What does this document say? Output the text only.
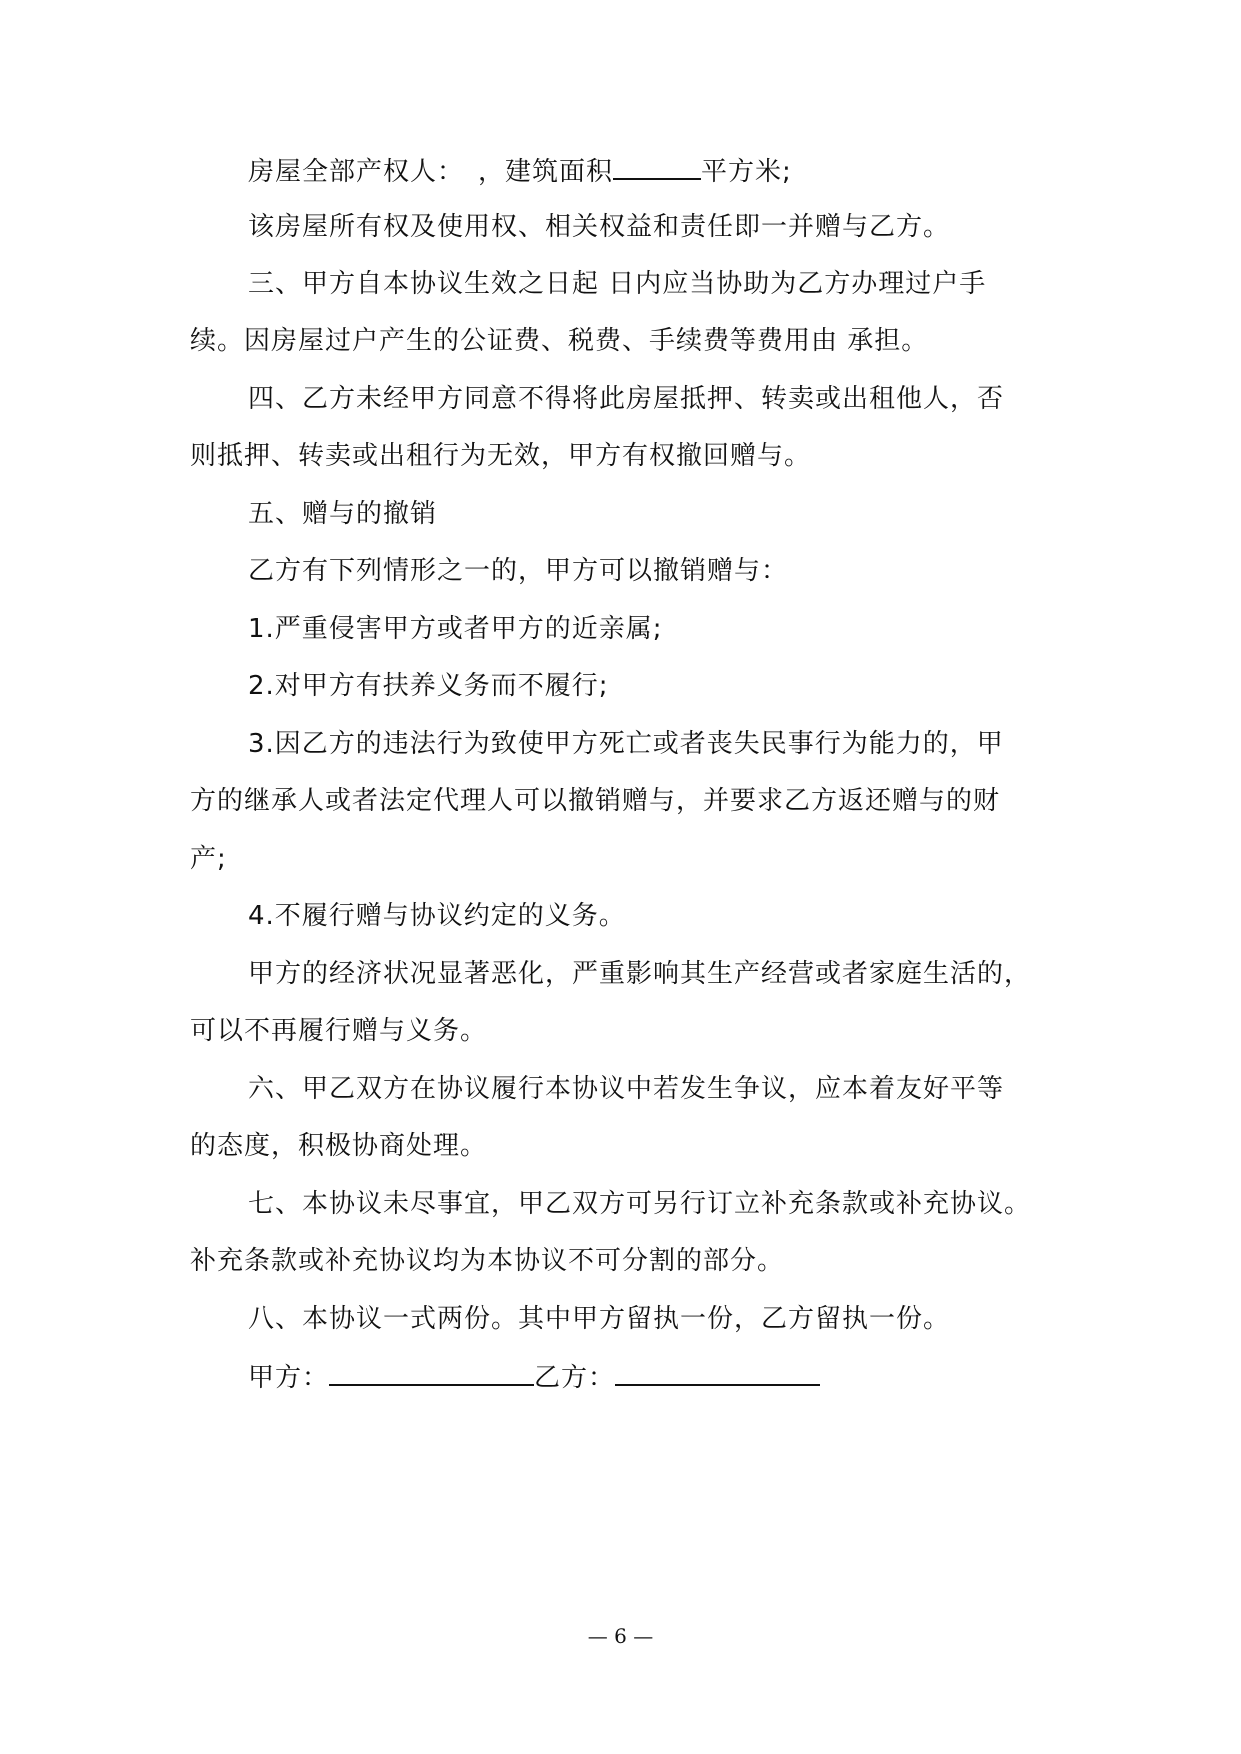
房屋全部产权人：　，建筑面积	平方米;
该房屋所有权及使用权、相关权益和责任即一并赠与乙方。
三、甲方自本协议生效之日起 日内应当协助为乙方办理过户手
续。因房屋过户产生的公证费、税费、手续费等费用由 承担。
四、乙方未经甲方同意不得将此房屋抵押、转卖或出租他人，否
则抵押、转卖或出租行为无效，甲方有权撤回赠与。
五、赠与的撤销
乙方有下列情形之一的，甲方可以撤销赠与：
1.严重侵害甲方或者甲方的近亲属;
2.对甲方有扶养义务而不履行;
3.因乙方的违法行为致使甲方死亡或者丧失民事行为能力的，甲
方的继承人或者法定代理人可以撤销赠与，并要求乙方返还赠与的财
产;
4.不履行赠与协议约定的义务。
甲方的经济状况显著恶化，严重影响其生产经营或者家庭生活的，
可以不再履行赠与义务。
六、甲乙双方在协议履行本协议中若发生争议，应本着友好平等
的态度，积极协商处理。
七、本协议未尽事宜，甲乙双方可另行订立补充条款或补充协议。
补充条款或补充协议均为本协议不可分割的部分。
八、本协议一式两份。其中甲方留执一份，乙方留执一份。
甲方：	乙方：
— 6 —
